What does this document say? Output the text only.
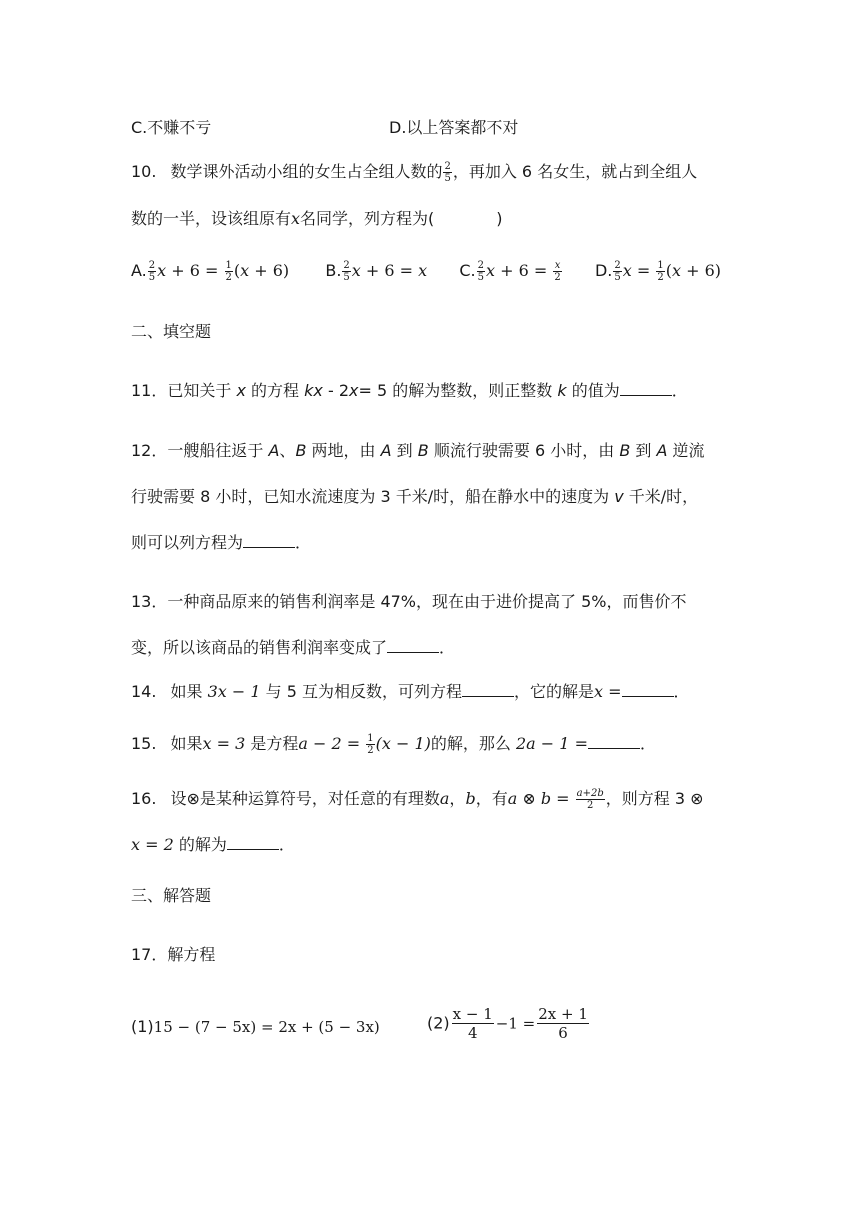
C.不赚不亏	D.以上答案都不对
10. 数学课外活动小组的女生占全组人数的 $\frac{2}{5}$ ，再加入 6 名女生，就占到全组人
数的一半，设该组原有x名同学，列方程为(	)
A. $\frac{2}{5}$ $x + 6 = \frac{1}{2} (x + 6)$ B. $\frac{2}{5}$ x + 6 = x C. $\frac{2}{5}$ $x + 6 = \frac{x}{2} D$. $\frac{2}{5}$ $x = \frac{1}{2} (x + 6)$
二、填空题
11．已知关于 x 的方程 kx - 2x= 5 的解为整数，则正整数 k 的值为	．
12．一艘船往返于 A、B 两地，由 A 到 B 顺流行驶需要 6 小时，由 B 到 A 逆流
行驶需要 8 小时，已知水流速度为 3 千米/时，船在静水中的速度为 v 千米/时，
则可以列方程为	．
13．一种商品原来的销售利润率是 47%，现在由于进价提高了 5%，而售价不
变，所以该商品的销售利润率变成了	．
14. 如果 3x − 1 与 5 互为相反数，可列方程	，它的解是x =	．
15. 如果x = 3 是方程$a - 2 = \frac{1}{2} (x - 1)$的解，那么 2a − 1 =	．
16. 设⊗是某种运算符号，对任意的有理数a，b，有a ⊗ $b = \frac{a+2b}{2}$ ，则方程 3 ⊗
x = 2 的解为	．
三、解答题
17．解方程
(1)15 − (7 − 5x) = 2x + (5 − 3x)	$(2) \frac{x - 1}{4} -1 = \frac{2x + 1}{6}$
